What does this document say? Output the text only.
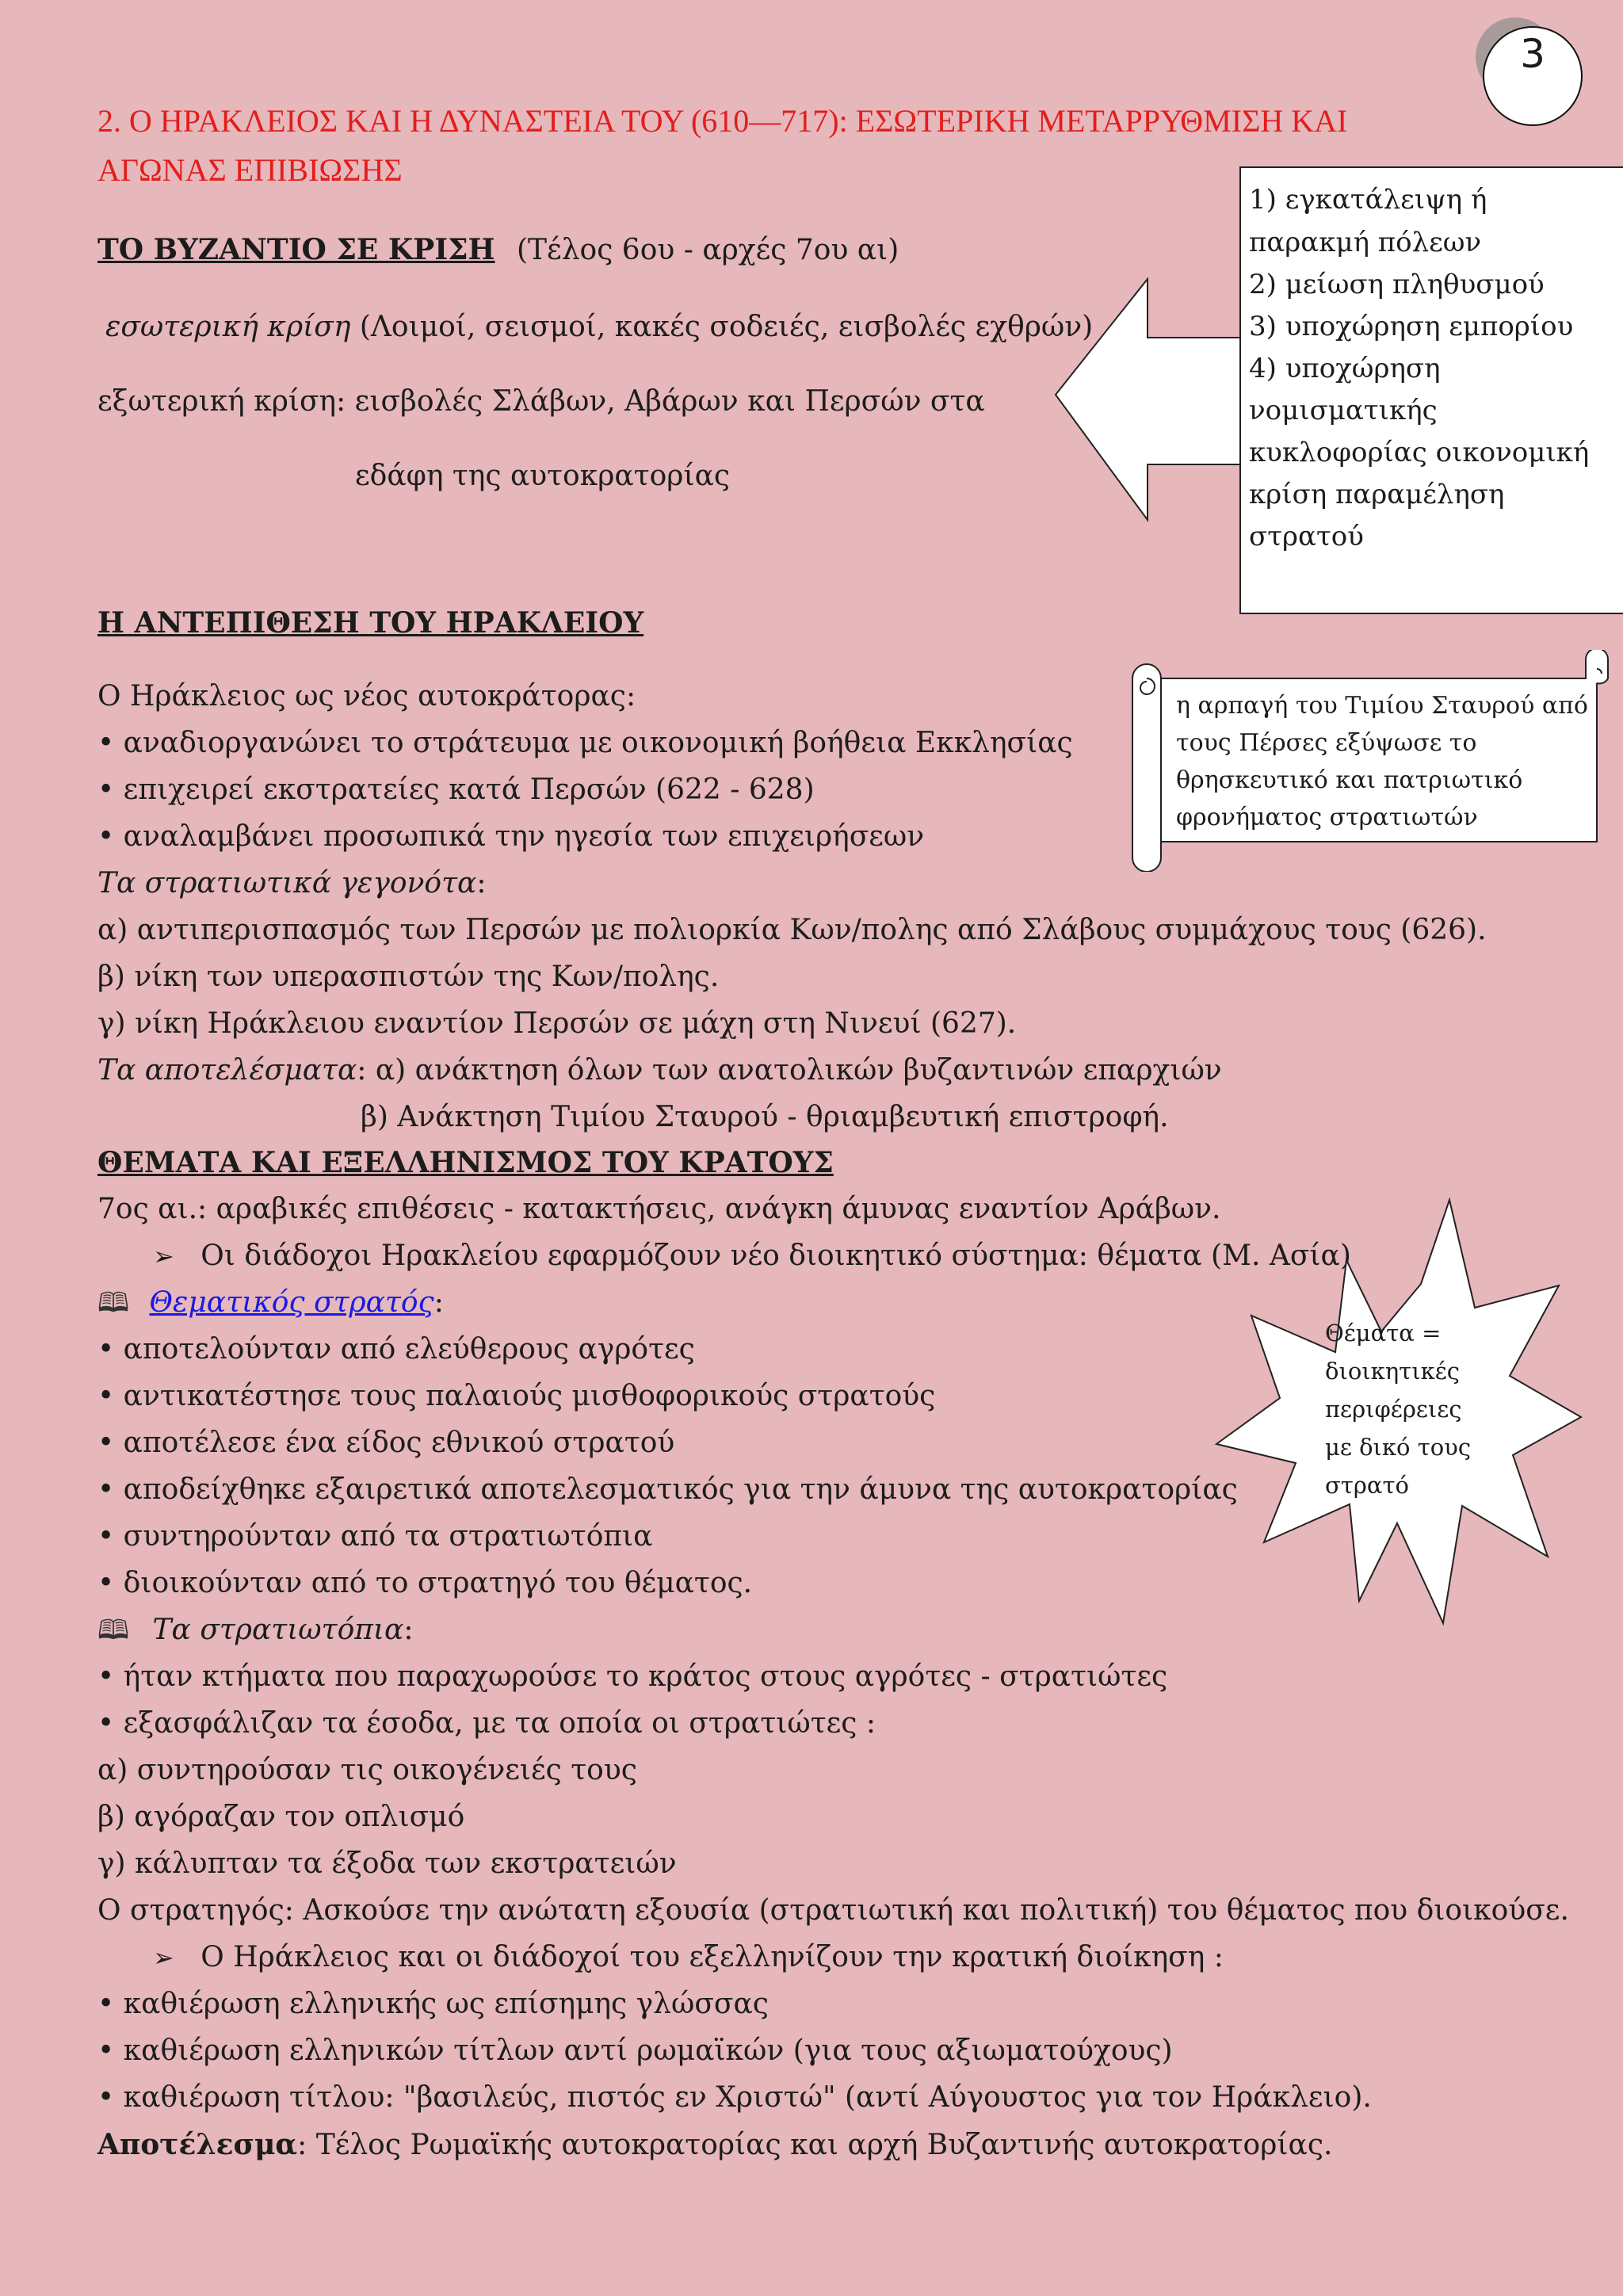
3
2. Ο ΗΡΑΚΛΕΙΟΣ ΚΑΙ Η ΔΥΝΑΣΤΕΙΑ ΤΟΥ (610—717): ΕΣΩΤΕΡΙΚΗ ΜΕΤΑΡΡΥΘΜΙΣΗ ΚΑΙ
ΑΓΩΝΑΣ ΕΠΙΒΙΩΣΗΣ
ΤΟ ΒΥΖΑΝΤΙΟ ΣΕ ΚΡΙΣΗ (Τέλος 6ου - αρχές 7ου αι)
εσωτερική κρίση (Λοιμοί, σεισμοί, κακές σοδειές, εισβολές εχθρών)
εξωτερική κρίση: εισβολές Σλάβων, Αβάρων και Περσών στα
εδάφη της αυτοκρατορίας
1) εγκατάλειψη ή
παρακμή πόλεων
2) μείωση πληθυσμού
3) υποχώρηση εμπορίου
4) υποχώρηση
νομισματικής
κυκλοφορίας οικονομική
κρίση παραμέληση
στρατού
Η ΑΝΤΕΠΙΘΕΣΗ ΤΟΥ ΗΡΑΚΛΕΙΟΥ
Ο Ηράκλειος ως νέος αυτοκράτορας:
• αναδιοργανώνει το στράτευμα με οικονομική βοήθεια Εκκλησίας
• επιχειρεί εκστρατείες κατά Περσών (622 - 628)
• αναλαμβάνει προσωπικά την ηγεσία των επιχειρήσεων
Τα στρατιωτικά γεγονότα:
α) αντιπερισπασμός των Περσών με πολιορκία Κων/πολης από Σλάβους συμμάχους τους (626).
β) νίκη των υπερασπιστών της Κων/πολης.
γ) νίκη Ηράκλειου εναντίον Περσών σε μάχη στη Νινευί (627).
Τα αποτελέσματα: α) ανάκτηση όλων των ανατολικών βυζαντινών επαρχιών
β) Ανάκτηση Τιμίου Σταυρού - θριαμβευτική επιστροφή.
η αρπαγή του Τιμίου Σταυρού από
τους Πέρσες εξύψωσε το
θρησκευτικό και πατριωτικό
φρονήματος στρατιωτών
ΘΕΜΑΤΑ ΚΑΙ ΕΞΕΛΛΗΝΙΣΜΟΣ ΤΟΥ ΚΡΑΤΟΥΣ
7ος αι.: αραβικές επιθέσεις - κατακτήσεις, ανάγκη άμυνας εναντίον Αράβων.
➢ Οι διάδοχοι Ηρακλείου εφαρμόζουν νέο διοικητικό σύστημα: θέματα (Μ. Ασία)
🕮 Θεματικός στρατός:
• αποτελούνταν από ελεύθερους αγρότες
• αντικατέστησε τους παλαιούς μισθοφορικούς στρατούς
• αποτέλεσε ένα είδος εθνικού στρατού
• αποδείχθηκε εξαιρετικά αποτελεσματικός για την άμυνα της αυτοκρατορίας
• συντηρούνταν από τα στρατιωτόπια
• διοικούνταν από το στρατηγό του θέματος.
🕮 Τα στρατιωτόπια:
• ήταν κτήματα που παραχωρούσε το κράτος στους αγρότες - στρατιώτες
• εξασφάλιζαν τα έσοδα, με τα οποία οι στρατιώτες :
α) συντηρούσαν τις οικογένειές τους
β) αγόραζαν τον οπλισμό
γ) κάλυπταν τα έξοδα των εκστρατειών
Ο στρατηγός: Ασκούσε την ανώτατη εξουσία (στρατιωτική και πολιτική) του θέματος που διοικούσε.
➢ Ο Ηράκλειος και οι διάδοχοί του εξελληνίζουν την κρατική διοίκηση :
• καθιέρωση ελληνικής ως επίσημης γλώσσας
• καθιέρωση ελληνικών τίτλων αντί ρωμαϊκών (για τους αξιωματούχους)
• καθιέρωση τίτλου: "βασιλεύς, πιστός εν Χριστώ" (αντί Αύγουστος για τον Ηράκλειο).
Αποτέλεσμα: Τέλος Ρωμαϊκής αυτοκρατορίας και αρχή Βυζαντινής αυτοκρατορίας.
Θέματα =
διοικητικές
περιφέρειες
με δικό τους
στρατό
